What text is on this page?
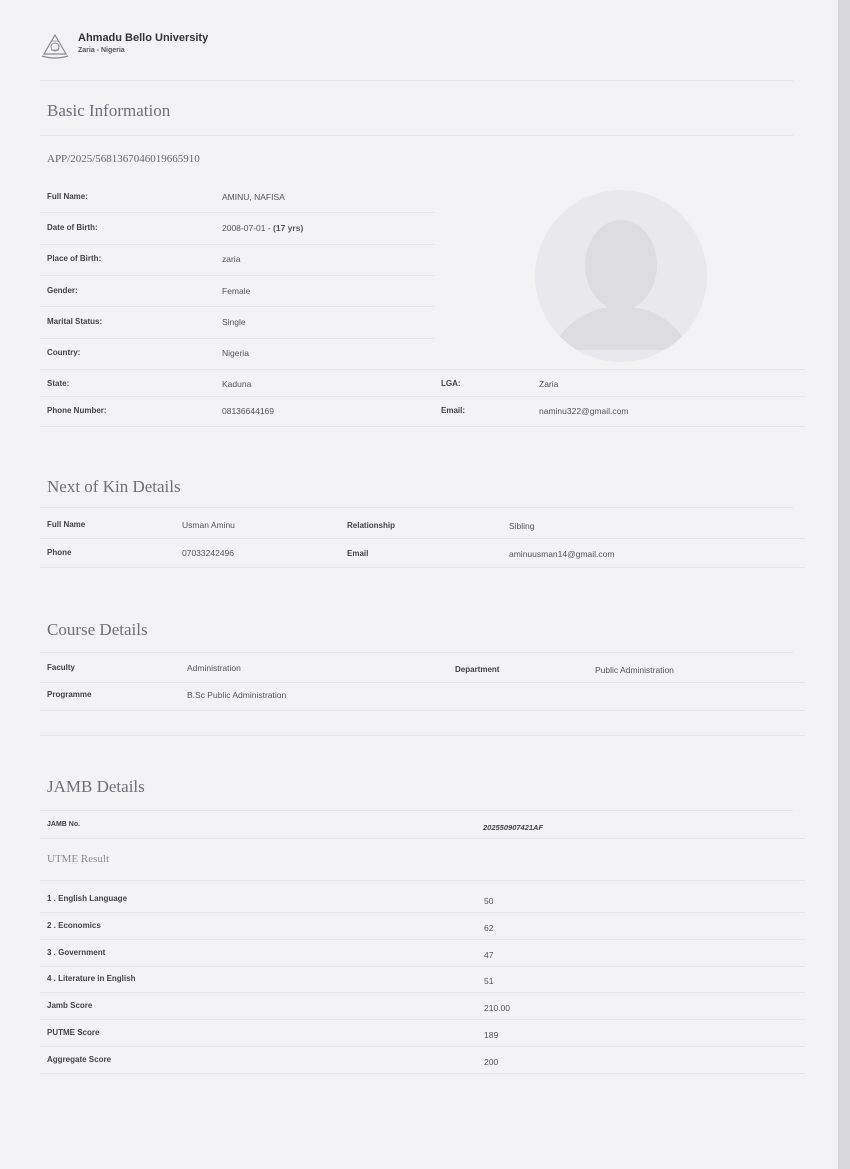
Ahmadu Bello University
Zaria - Nigeria
Basic Information
APP/2025/5681367046019665910
Full Name:	AMINU, NAFISA
Date of Birth:	2008-07-01 - (17 yrs)
Place of Birth:	zaria
Gender:	Female
Marital Status:	Single
Country:	Nigeria
State:	Kaduna	LGA:	Zaria
Phone Number:	08136644169	Email:	naminu322@gmail.com
Next of Kin Details
Full Name	Usman Aminu	Relationship	Sibling
Phone	07033242496	Email	aminuusman14@gmail.com
Course Details
Faculty	Administration	Department	Public Administration
Programme	B.Sc Public Administration
JAMB Details
JAMB No.	202550907421AF
UTME Result
1 . English Language	50
2 . Economics	62
3 . Government	47
4 . Literature in English	51
Jamb Score	210.00
PUTME Score	189
Aggregate Score	200
